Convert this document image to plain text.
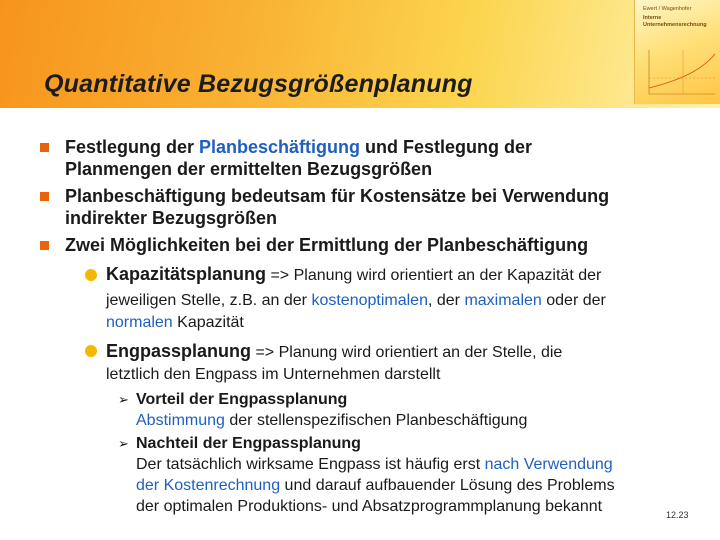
Ewert / Wagenhofer
Interne
Unternehmensrechnung
Quantitative Bezugsgrößenplanung
Festlegung der Planbeschäftigung und Festlegung der
Planmengen der ermittelten Bezugsgrößen
Planbeschäftigung bedeutsam für Kostensätze bei Verwendung
indirekter Bezugsgrößen
Zwei Möglichkeiten bei der Ermittlung der Planbeschäftigung
Kapazitätsplanung => Planung wird orientiert an der Kapazität der
jeweiligen Stelle, z.B. an der kostenoptimalen, der maximalen oder der
normalen Kapazität
Engpassplanung => Planung wird orientiert an der Stelle, die
letztlich den Engpass im Unternehmen darstellt
➢ Vorteil der Engpassplanung
Abstimmung der stellenspezifischen Planbeschäftigung
➢ Nachteil der Engpassplanung
Der tatsächlich wirksame Engpass ist häufig erst nach Verwendung
der Kostenrechnung und darauf aufbauender Lösung des Problems
der optimalen Produktions- und Absatzprogrammplanung bekannt	12.23
